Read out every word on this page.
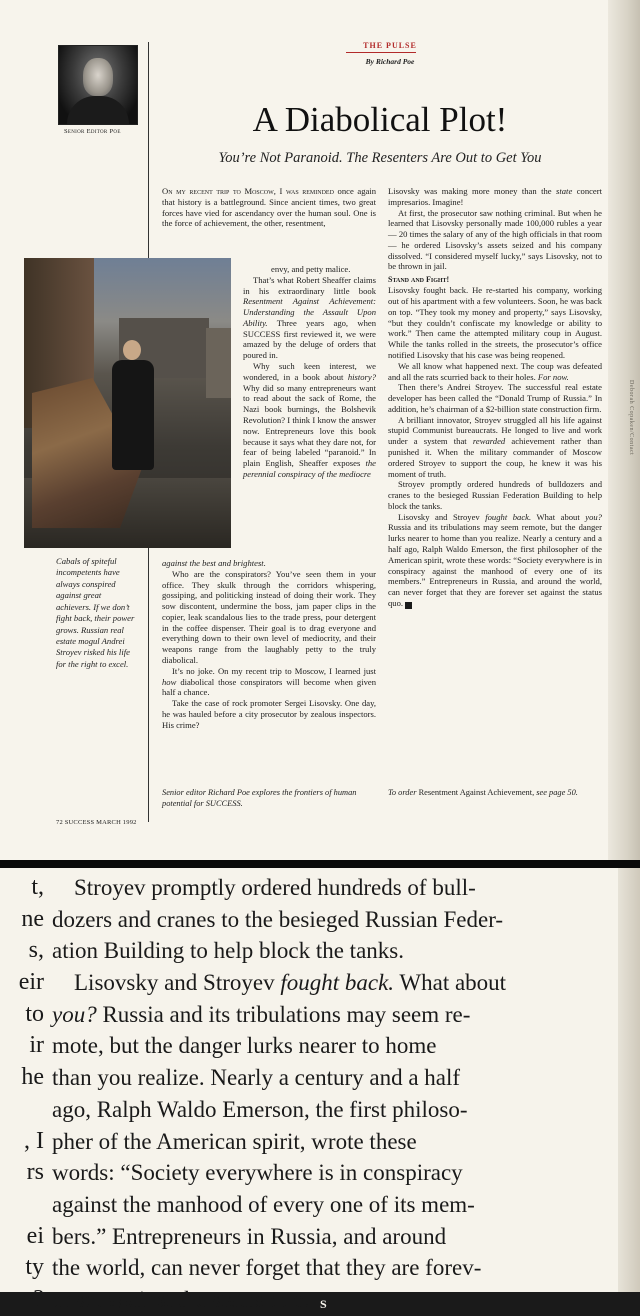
Senior Editor Poe
THE PULSE
By Richard Poe
A Diabolical Plot!
You’re Not Paranoid. The Resenters Are Out to Get You
Cabals of spiteful incompetents have always conspired against great achievers. If we don’t fight back, their power grows. Russian real estate mogul Andrei Stroyev risked his life for the right to excel.

On my recent trip to Moscow, I was reminded once again that history is a battleground. Since ancient times, two great forces have vied for ascendancy over the human soul. One is the force of achievement, the other, resentment,

envy, and petty malice.

That’s what Robert Sheaffer claims in his extraordinary little book Resentment Against Achievement: Understanding the Assault Upon Ability. Three years ago, when SUCCESS first reviewed it, we were amazed by the deluge of orders that poured in.

Why such keen interest, we wondered, in a book about history? Why did so many entrepreneurs want to read about the sack of Rome, the Nazi book burnings, the Bolshevik Revolution? I think I know the answer now. Entrepreneurs love this book because it says what they dare not, for fear of being labeled “paranoid.” In plain English, Sheaffer exposes the perennial conspiracy of the mediocre

against the best and brightest.

Who are the conspirators? You’ve seen them in your office. They skulk through the corridors whispering, gossiping, and politicking instead of doing their work. They sow discontent, undermine the boss, jam paper clips in the copier, leak scandalous lies to the trade press, pour detergent in the coffee dispenser. Their goal is to drag everyone and everything down to their own level of mediocrity, and their weapons range from the laughably petty to the truly diabolical.

It’s no joke. On my recent trip to Moscow, I learned just how diabolical those conspirators will become when given half a chance.

Take the case of rock promoter Sergei Lisovsky. One day, he was hauled before a city prosecutor by zealous inspectors. His crime?

Lisovsky was making more money than the state concert impresarios. Imagine!

At first, the prosecutor saw nothing criminal. But when he learned that Lisovsky personally made 100,000 rubles a year — 20 times the salary of any of the high officials in that room — he ordered Lisovsky’s assets seized and his company dissolved. “I considered myself lucky,” says Lisovsky, not to be thrown in jail.

Stand and Fight!

Lisovsky fought back. He re-started his company, working out of his apartment with a few volunteers. Soon, he was back on top. “They took my money and property,” says Lisovsky, “but they couldn’t confiscate my knowledge or ability to work.” Then came the attempted military coup in August. While the tanks rolled in the streets, the prosecutor’s office notified Lisovsky that his case was being reopened.

We all know what happened next. The coup was defeated and all the rats scurried back to their holes. For now.

Then there’s Andrei Stroyev. The successful real estate developer has been called the “Donald Trump of Russia.” In addition, he’s chairman of a $2-billion state construction firm.

A brilliant innovator, Stroyev struggled all his life against stupid Communist bureaucrats. He longed to live and work under a system that rewarded achievement rather than punished it. When the military commander of Moscow ordered Stroyev to support the coup, he knew it was his moment of truth.

Stroyev promptly ordered hundreds of bulldozers and cranes to the besieged Russian Federation Building to help block the tanks.

Lisovsky and Stroyev fought back. What about you? Russia and its tribulations may seem remote, but the danger lurks nearer to home than you realize. Nearly a century and a half ago, Ralph Waldo Emerson, the first philosopher of the American spirit, wrote these words: “Society everywhere is in conspiracy against the manhood of every one of its members.” Entrepreneurs in Russia, and around the world, can never forget that they are forever set against the status quo. S

Senior editor Richard Poe explores the frontiers of human potential for SUCCESS.
To order Resentment Against Achievement, see page 50.
72 SUCCESS MARCH 1992
Deborah Copaken/Contact
t,
ne
s,
eir
to
ir
he
, I
rs
ei
ty
e?
Stroyev promptly ordered hundreds of bull-
dozers and cranes to the besieged Russian Feder-
ation Building to help block the tanks.
Lisovsky and Stroyev fought back. What about
you? Russia and its tribulations may seem re-
mote, but the danger lurks nearer to home
than you realize. Nearly a century and a half
ago, Ralph Waldo Emerson, the first philoso-
pher of the American spirit, wrote these
words: “Society everywhere is in conspiracy
against the manhood of every one of its mem-
bers.” Entrepreneurs in Russia, and around
the world, can never forget that they are forev-
er set against the status quo. S
